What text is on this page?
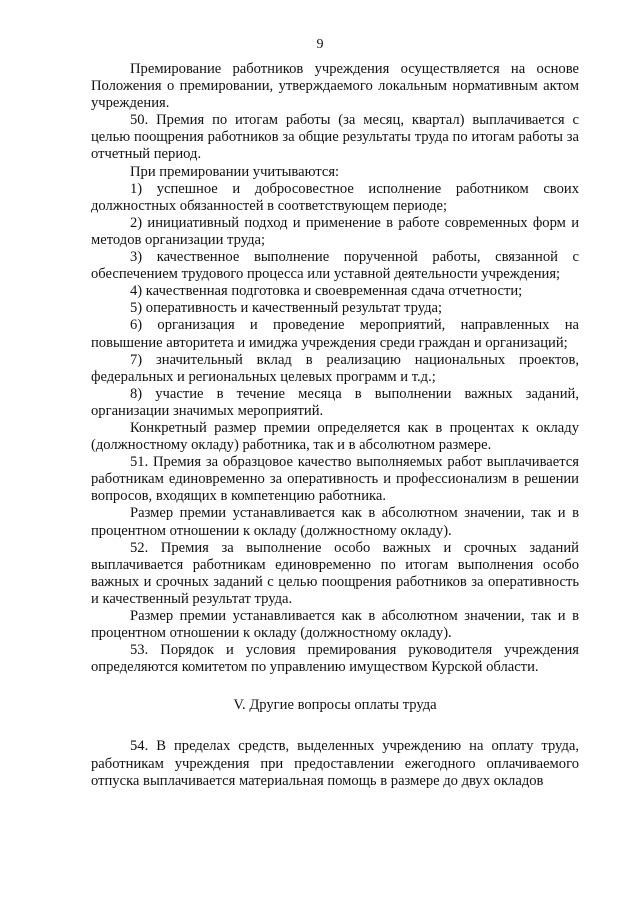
9

Премирование работников учреждения осуществляется на основе Положения о премировании, утверждаемого локальным нормативным актом учреждения.

50. Премия по итогам работы (за месяц, квартал) выплачивается с целью поощрения работников за общие результаты труда по итогам работы за отчетный период.

При премировании учитываются:

1) успешное и добросовестное исполнение работником своих должностных обязанностей в соответствующем периоде;

2) инициативный подход и применение в работе современных форм и методов организации труда;

3) качественное выполнение порученной работы, связанной с обеспечением трудового процесса или уставной деятельности учреждения;

4) качественная подготовка и своевременная сдача отчетности;

5) оперативность и качественный результат труда;

6) организация и проведение мероприятий, направленных на повышение авторитета и имиджа учреждения среди граждан и организаций;

7) значительный вклад в реализацию национальных проектов, федеральных и региональных целевых программ и т.д.;

8) участие в течение месяца в выполнении важных заданий, организации значимых мероприятий.

Конкретный размер премии определяется как в процентах к окладу (должностному окладу) работника, так и в абсолютном размере.

51. Премия за образцовое качество выполняемых работ выплачивается работникам единовременно за оперативность и профессионализм в решении вопросов, входящих в компетенцию работника.

Размер премии устанавливается как в абсолютном значении, так и в процентном отношении к окладу (должностному окладу).

52. Премия за выполнение особо важных и срочных заданий выплачивается работникам единовременно по итогам выполнения особо важных и срочных заданий с целью поощрения работников за оперативность и качественный результат труда.

Размер премии устанавливается как в абсолютном значении, так и в процентном отношении к окладу (должностному окладу).

53. Порядок и условия премирования руководителя учреждения определяются комитетом по управлению имуществом Курской области.

V. Другие вопросы оплаты труда

54. В пределах средств, выделенных учреждению на оплату труда, работникам учреждения при предоставлении ежегодного оплачиваемого отпуска выплачивается материальная помощь в размере до двух окладов
